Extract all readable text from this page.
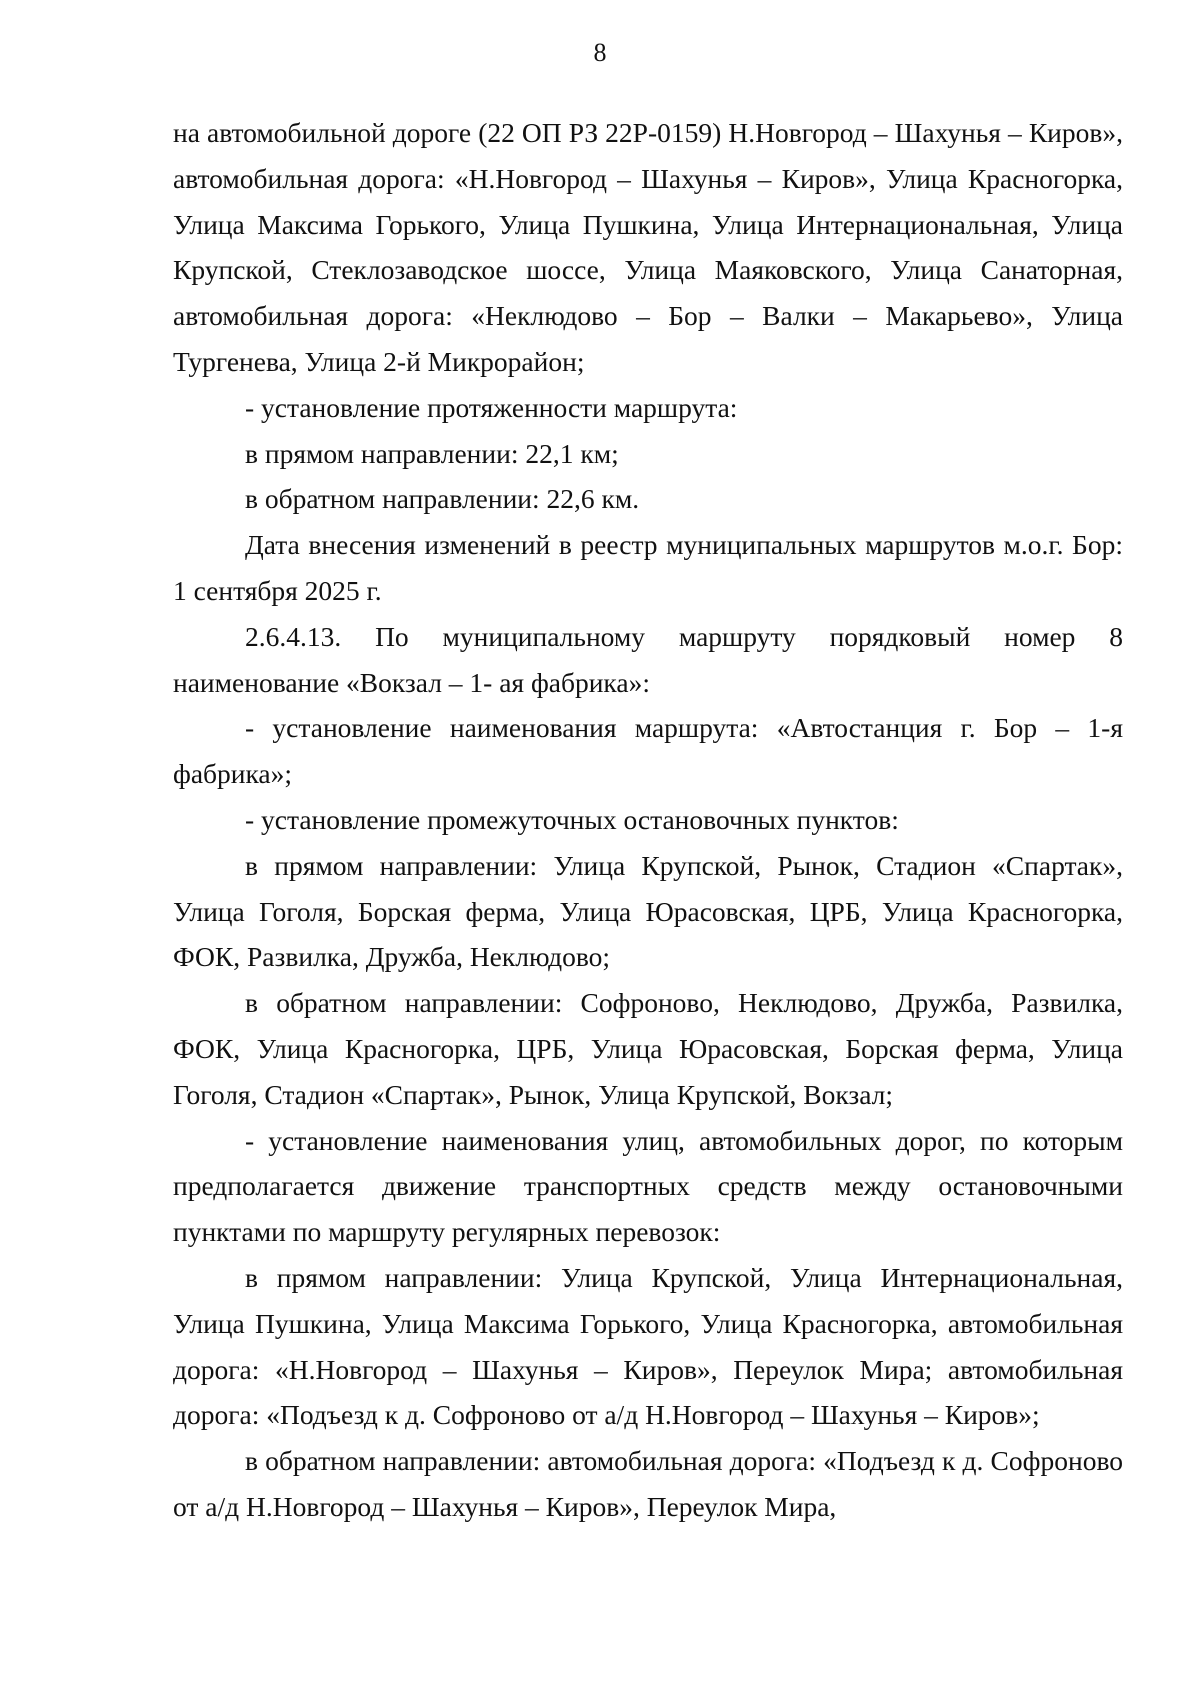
8

на автомобильной дороге (22 ОП РЗ 22Р-0159) Н.Новгород – Шахунья – Киров», автомобильная дорога: «Н.Новгород – Шахунья – Киров», Улица Красногорка, Улица Максима Горького, Улица Пушкина, Улица Интернациональная, Улица Крупской, Стеклозаводское шоссе, Улица Маяковского, Улица Санаторная, автомобильная дорога: «Неклюдово – Бор – Валки – Макарьево», Улица Тургенева, Улица 2-й Микрорайон;

- установление протяженности маршрута:

в прямом направлении: 22,1 км;

в обратном направлении: 22,6 км.

Дата внесения изменений в реестр муниципальных маршрутов м.о.г. Бор: 1 сентября 2025 г.

2.6.4.13. По муниципальному маршруту порядковый номер 8 наименование «Вокзал – 1- ая фабрика»:

- установление наименования маршрута: «Автостанция г. Бор – 1-я фабрика»;

- установление промежуточных остановочных пунктов:

в прямом направлении: Улица Крупской, Рынок, Стадион «Спартак», Улица Гоголя, Борская ферма, Улица Юрасовская, ЦРБ, Улица Красногорка, ФОК, Развилка, Дружба, Неклюдово;

в обратном направлении: Софроново, Неклюдово, Дружба, Развилка, ФОК, Улица Красногорка, ЦРБ, Улица Юрасовская, Борская ферма, Улица Гоголя, Стадион «Спартак», Рынок, Улица Крупской, Вокзал;

- установление наименования улиц, автомобильных дорог, по которым предполагается движение транспортных средств между остановочными пунктами по маршруту регулярных перевозок:

в прямом направлении: Улица Крупской, Улица Интернациональная, Улица Пушкина, Улица Максима Горького, Улица Красногорка, автомобильная дорога: «Н.Новгород – Шахунья – Киров», Переулок Мира; автомобильная дорога: «Подъезд к д. Софроново от а/д Н.Новгород – Шахунья – Киров»;

в обратном направлении: автомобильная дорога: «Подъезд к д. Софроново от а/д Н.Новгород – Шахунья – Киров», Переулок Мира,
